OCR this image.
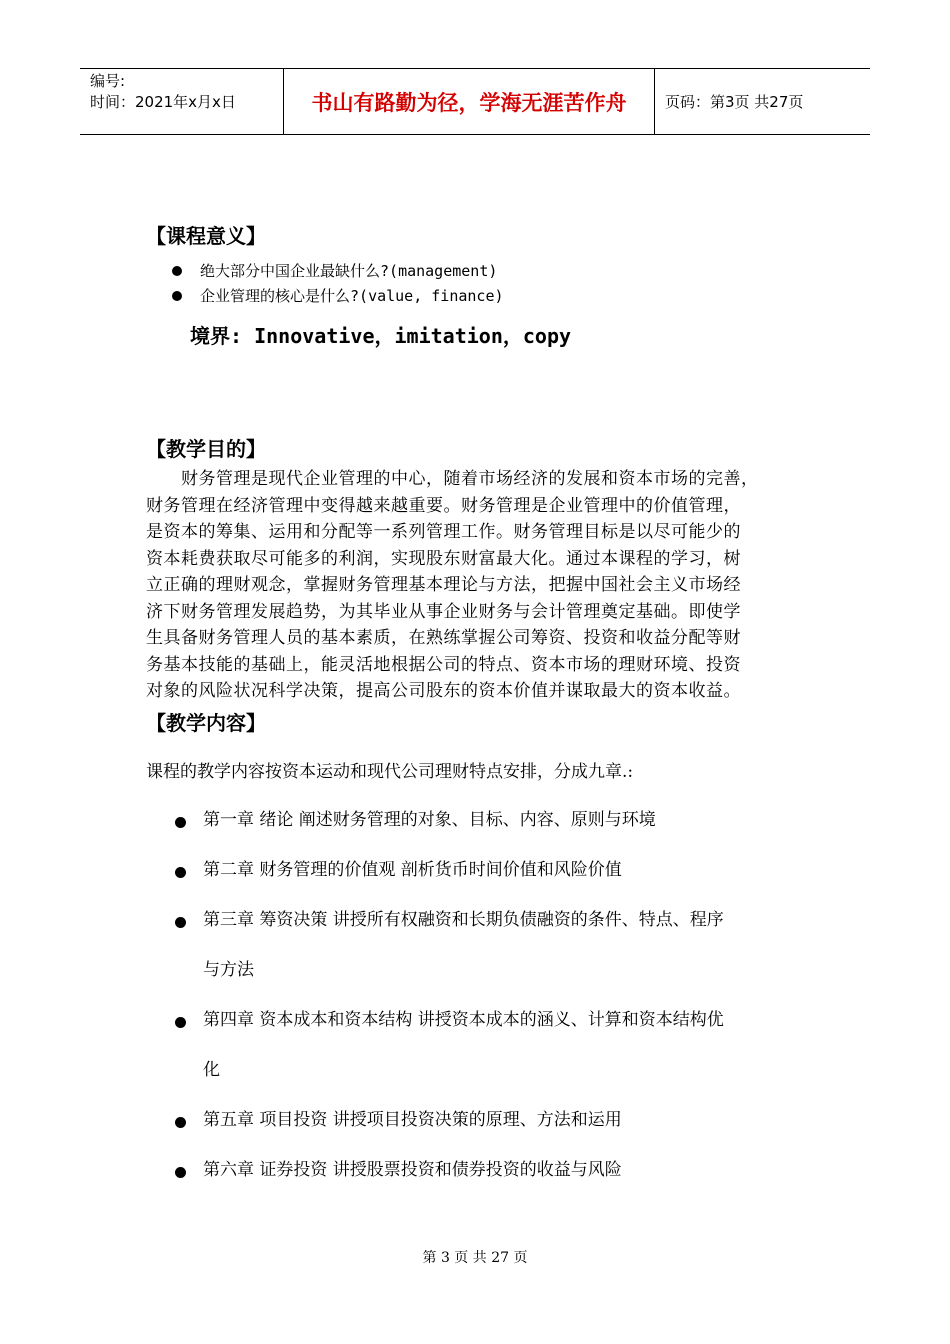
编号:
时间：2021年x月x日	书山有路勤为径，学海无涯苦作舟	页码：第3页 共27页
【课程意义】
绝大部分中国企业最缺什么?(management)
企业管理的核心是什么?(value, finance)
境界: Innovative，imitation，copy
【教学目的】
　　财务管理是现代企业管理的中心，随着市场经济的发展和资本市场的完善，
财务管理在经济管理中变得越来越重要。财务管理是企业管理中的价值管理，
是资本的筹集、运用和分配等一系列管理工作。财务管理目标是以尽可能少的
资本耗费获取尽可能多的利润，实现股东财富最大化。通过本课程的学习，树
立正确的理财观念，掌握财务管理基本理论与方法，把握中国社会主义市场经
济下财务管理发展趋势，为其毕业从事企业财务与会计管理奠定基础。即使学
生具备财务管理人员的基本素质，在熟练掌握公司筹资、投资和收益分配等财
务基本技能的基础上，能灵活地根据公司的特点、资本市场的理财环境、投资
对象的风险状况科学决策，提高公司股东的资本价值并谋取最大的资本收益。
【教学内容】
课程的教学内容按资本运动和现代公司理财特点安排，分成九章.:
第一章 绪论 阐述财务管理的对象、目标、内容、原则与环境
第二章 财务管理的价值观 剖析货币时间价值和风险价值
第三章 筹资决策 讲授所有权融资和长期负债融资的条件、特点、程序
与方法
第四章 资本成本和资本结构 讲授资本成本的涵义、计算和资本结构优
化
第五章 项目投资 讲授项目投资决策的原理、方法和运用
第六章 证券投资 讲授股票投资和债券投资的收益与风险
第 3 页 共 27 页
